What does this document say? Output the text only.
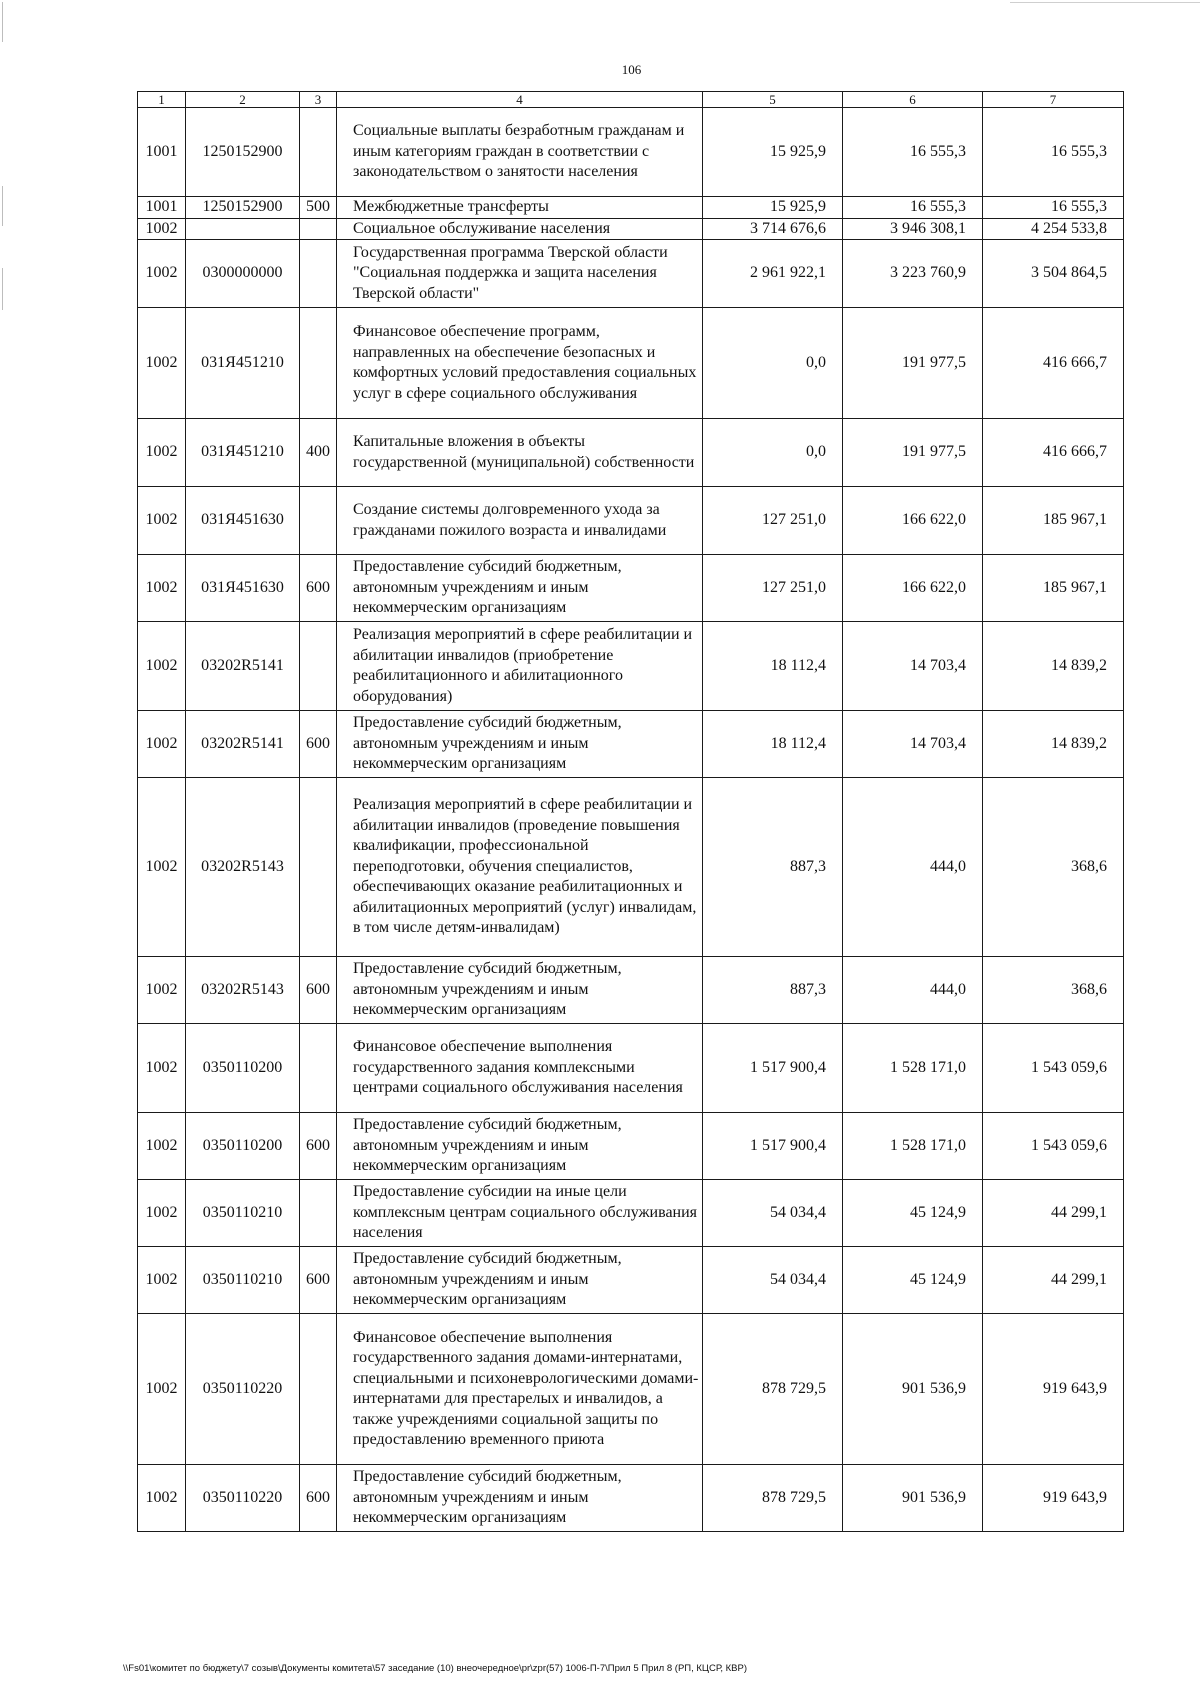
106
1	2	3	4	5	6	7
1001	1250152900		Социальные выплаты безработным гражданам и иным категориям граждан в соответствии с законодательством о занятости населения	15 925,9	16 555,3	16 555,3
1001	1250152900	500	Межбюджетные трансферты	15 925,9	16 555,3	16 555,3
1002			Социальное обслуживание населения	3 714 676,6	3 946 308,1	4 254 533,8
1002	0300000000		Государственная программа Тверской области "Социальная поддержка и защита населения Тверской области"	2 961 922,1	3 223 760,9	3 504 864,5
1002	031Я451210		Финансовое обеспечение программ, направленных на обеспечение безопасных и комфортных условий предоставления социальных услуг в сфере социального обслуживания	0,0	191 977,5	416 666,7
1002	031Я451210	400	Капитальные вложения в объекты государственной (муниципальной) собственности	0,0	191 977,5	416 666,7
1002	031Я451630		Создание системы долговременного ухода за гражданами пожилого возраста и инвалидами	127 251,0	166 622,0	185 967,1
1002	031Я451630	600	Предоставление субсидий бюджетным, автономным учреждениям и иным некоммерческим организациям	127 251,0	166 622,0	185 967,1
1002	03202R5141		Реализация мероприятий в сфере реабилитации и абилитации инвалидов (приобретение реабилитационного и абилитационного оборудования)	18 112,4	14 703,4	14 839,2
1002	03202R5141	600	Предоставление субсидий бюджетным, автономным учреждениям и иным некоммерческим организациям	18 112,4	14 703,4	14 839,2
1002	03202R5143		Реализация мероприятий в сфере реабилитации и абилитации инвалидов (проведение повышения квалификации, профессиональной переподготовки, обучения специалистов, обеспечивающих оказание реабилитационных и абилитационных мероприятий (услуг) инвалидам, в том числе детям-инвалидам)	887,3	444,0	368,6
1002	03202R5143	600	Предоставление субсидий бюджетным, автономным учреждениям и иным некоммерческим организациям	887,3	444,0	368,6
1002	0350110200		Финансовое обеспечение выполнения государственного задания комплексными центрами социального обслуживания населения	1 517 900,4	1 528 171,0	1 543 059,6
1002	0350110200	600	Предоставление субсидий бюджетным, автономным учреждениям и иным некоммерческим организациям	1 517 900,4	1 528 171,0	1 543 059,6
1002	0350110210		Предоставление субсидии на иные цели комплексным центрам социального обслуживания населения	54 034,4	45 124,9	44 299,1
1002	0350110210	600	Предоставление субсидий бюджетным, автономным учреждениям и иным некоммерческим организациям	54 034,4	45 124,9	44 299,1
1002	0350110220		Финансовое обеспечение выполнения государственного задания домами-интернатами, специальными и психоневрологическими домами-интернатами для престарелых и инвалидов, а также учреждениями социальной защиты по предоставлению временного приюта	878 729,5	901 536,9	919 643,9
1002	0350110220	600	Предоставление субсидий бюджетным, автономным учреждениям и иным некоммерческим организациям	878 729,5	901 536,9	919 643,9
\\Fs01\комитет по бюджету\7 созыв\Документы комитета\57 заседание (10) внеочередное\pr\zpr(57) 1006-П-7\Прил 5 Прил 8 (РП, КЦСР, КВР)
